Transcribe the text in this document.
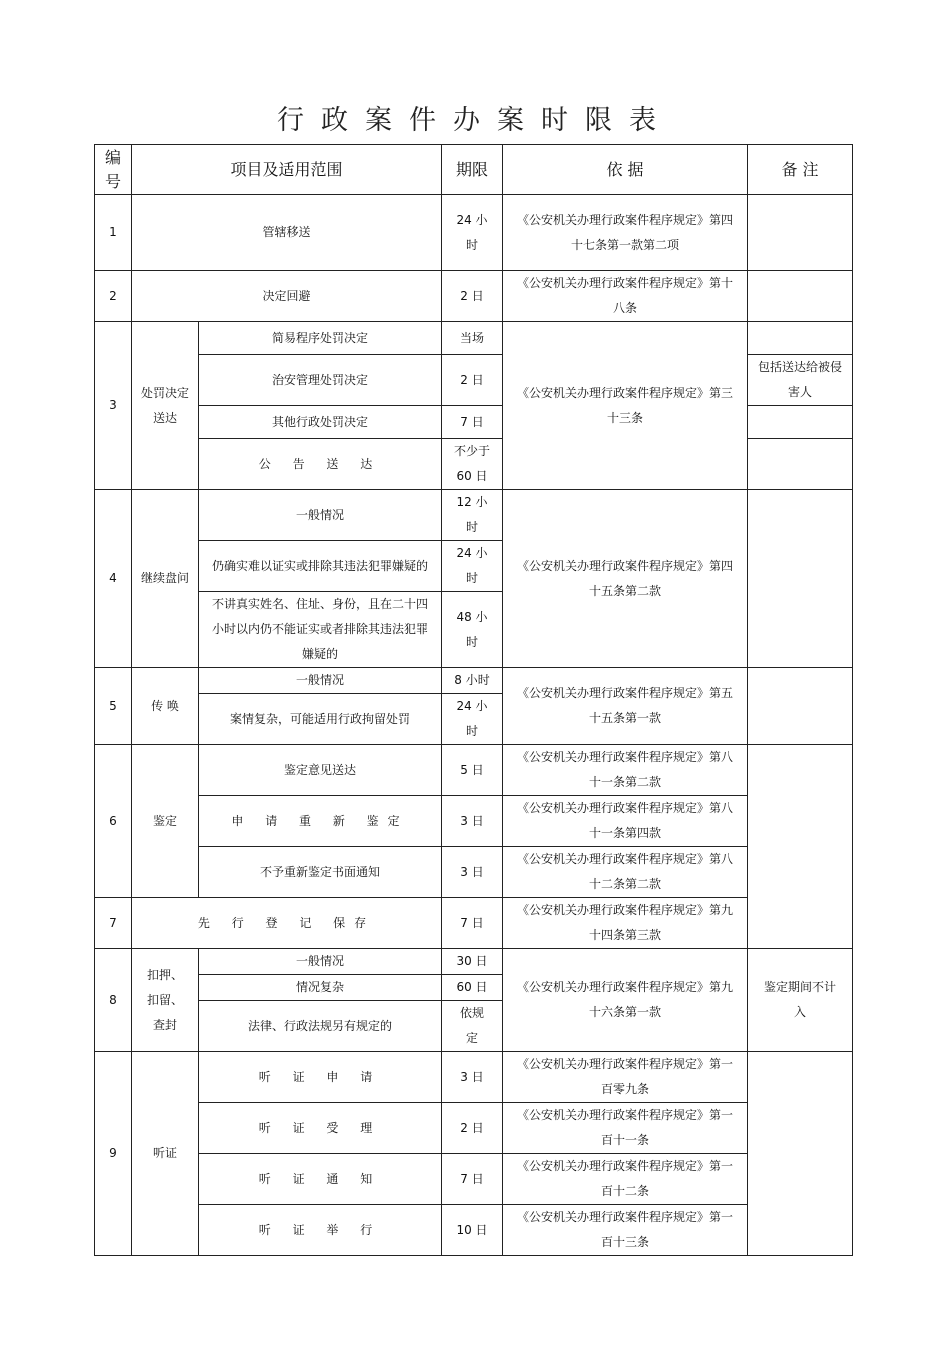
行政案件办案时限表
编号	项目及适用范围		期限	依 据	备 注
1	管辖移送		24 小时	《公安机关办理行政案件程序规定》第四十七条第一款第二项	
2	决定回避		2 日	《公安机关办理行政案件程序规定》第十八条	
3	处罚决定送达	简易程序处罚决定	当场	《公安机关办理行政案件程序规定》第三十三条	
		治安管理处罚决定	2 日		包括送达给被侵害人
		其他行政处罚决定	7 日		
		公 告 送 达	不少于60 日		
4	继续盘问	一般情况	12 小时	《公安机关办理行政案件程序规定》第四十五条第二款	
		仍确实难以证实或排除其违法犯罪嫌疑的	24 小时		
		不讲真实姓名、住址、身份，且在二十四小时以内仍不能证实或者排除其违法犯罪嫌疑的	48 小时		
5	传 唤	一般情况	8 小时	《公安机关办理行政案件程序规定》第五十五条第一款	
		案情复杂，可能适用行政拘留处罚	24 小时		
6	鉴定	鉴定意见送达	5 日	《公安机关办理行政案件程序规定》第八十一条第二款	
		申 请 重 新 鉴定	3 日	《公安机关办理行政案件程序规定》第八十一条第四款	
		不予重新鉴定书面通知	3 日	《公安机关办理行政案件程序规定》第八十二条第二款	
7	先 行 登 记 保存		7 日	《公安机关办理行政案件程序规定》第九十四条第三款	
8	扣押、扣留、查封	一般情况	30 日	《公安机关办理行政案件程序规定》第九十六条第一款	鉴定期间不计入
		情况复杂	60 日		
		法律、行政法规另有规定的	依规定		
9	听证	听 证 申 请	3 日	《公安机关办理行政案件程序规定》第一百零九条	
		听 证 受 理	2 日	《公安机关办理行政案件程序规定》第一百十一条	
		听 证 通 知	7 日	《公安机关办理行政案件程序规定》第一百十二条	
		听 证 举 行	10 日	《公安机关办理行政案件程序规定》第一百十三条	
